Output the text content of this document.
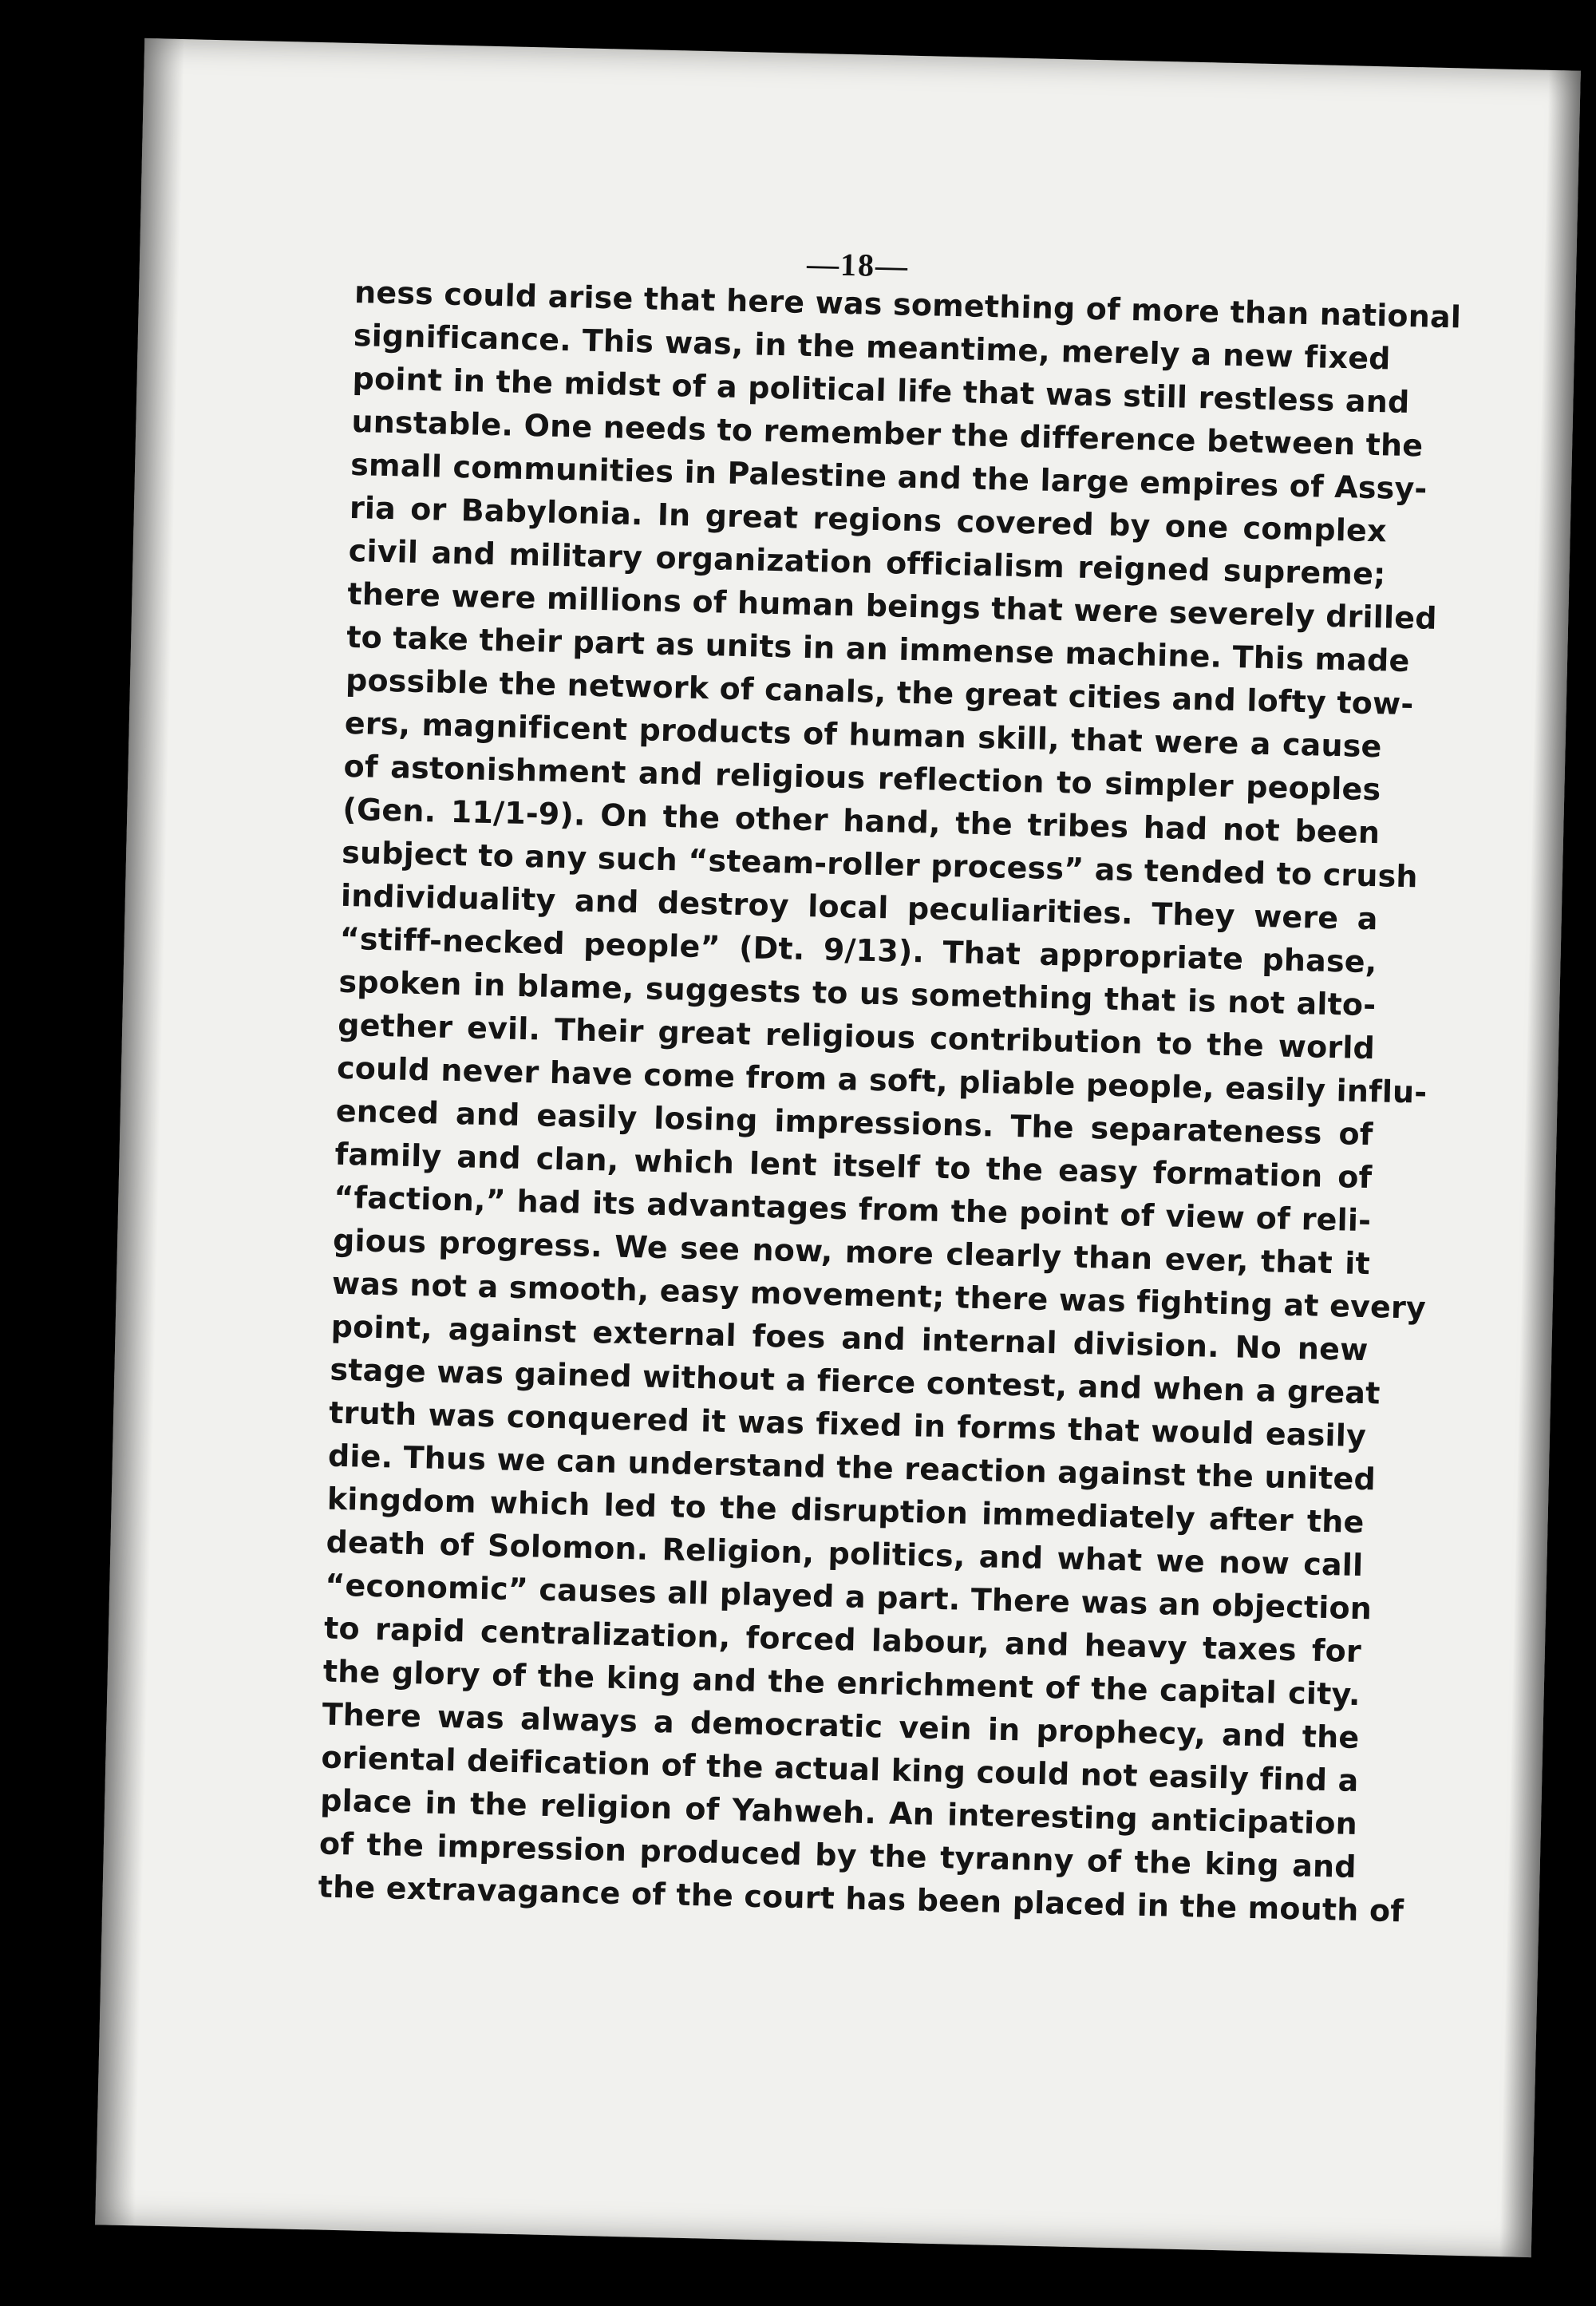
—18—
ness could arise that here was something of more than national
significance. This was, in the meantime, merely a new fixed
point in the midst of a political life that was still restless and
unstable. One needs to remember the difference between the
small communities in Palestine and the large empires of Assy-
ria or Babylonia. In great regions covered by one complex
civil and military organization officialism reigned supreme;
there were millions of human beings that were severely drilled
to take their part as units in an immense machine. This made
possible the network of canals, the great cities and lofty tow-
ers, magnificent products of human skill, that were a cause
of astonishment and religious reflection to simpler peoples
(Gen. 11/1-9). On the other hand, the tribes had not been
subject to any such “steam-roller process” as tended to crush
individuality and destroy local peculiarities. They were a
“stiff-necked people” (Dt. 9/13). That appropriate phase,
spoken in blame, suggests to us something that is not alto-
gether evil. Their great religious contribution to the world
could never have come from a soft, pliable people, easily influ-
enced and easily losing impressions. The separateness of
family and clan, which lent itself to the easy formation of
“faction,” had its advantages from the point of view of reli-
gious progress. We see now, more clearly than ever, that it
was not a smooth, easy movement; there was fighting at every
point, against external foes and internal division. No new
stage was gained without a fierce contest, and when a great
truth was conquered it was fixed in forms that would easily
die. Thus we can understand the reaction against the united
kingdom which led to the disruption immediately after the
death of Solomon. Religion, politics, and what we now call
“economic” causes all played a part. There was an objection
to rapid centralization, forced labour, and heavy taxes for
the glory of the king and the enrichment of the capital city.
There was always a democratic vein in prophecy, and the
oriental deification of the actual king could not easily find a
place in the religion of Yahweh. An interesting anticipation
of the impression produced by the tyranny of the king and
the extravagance of the court has been placed in the mouth of
